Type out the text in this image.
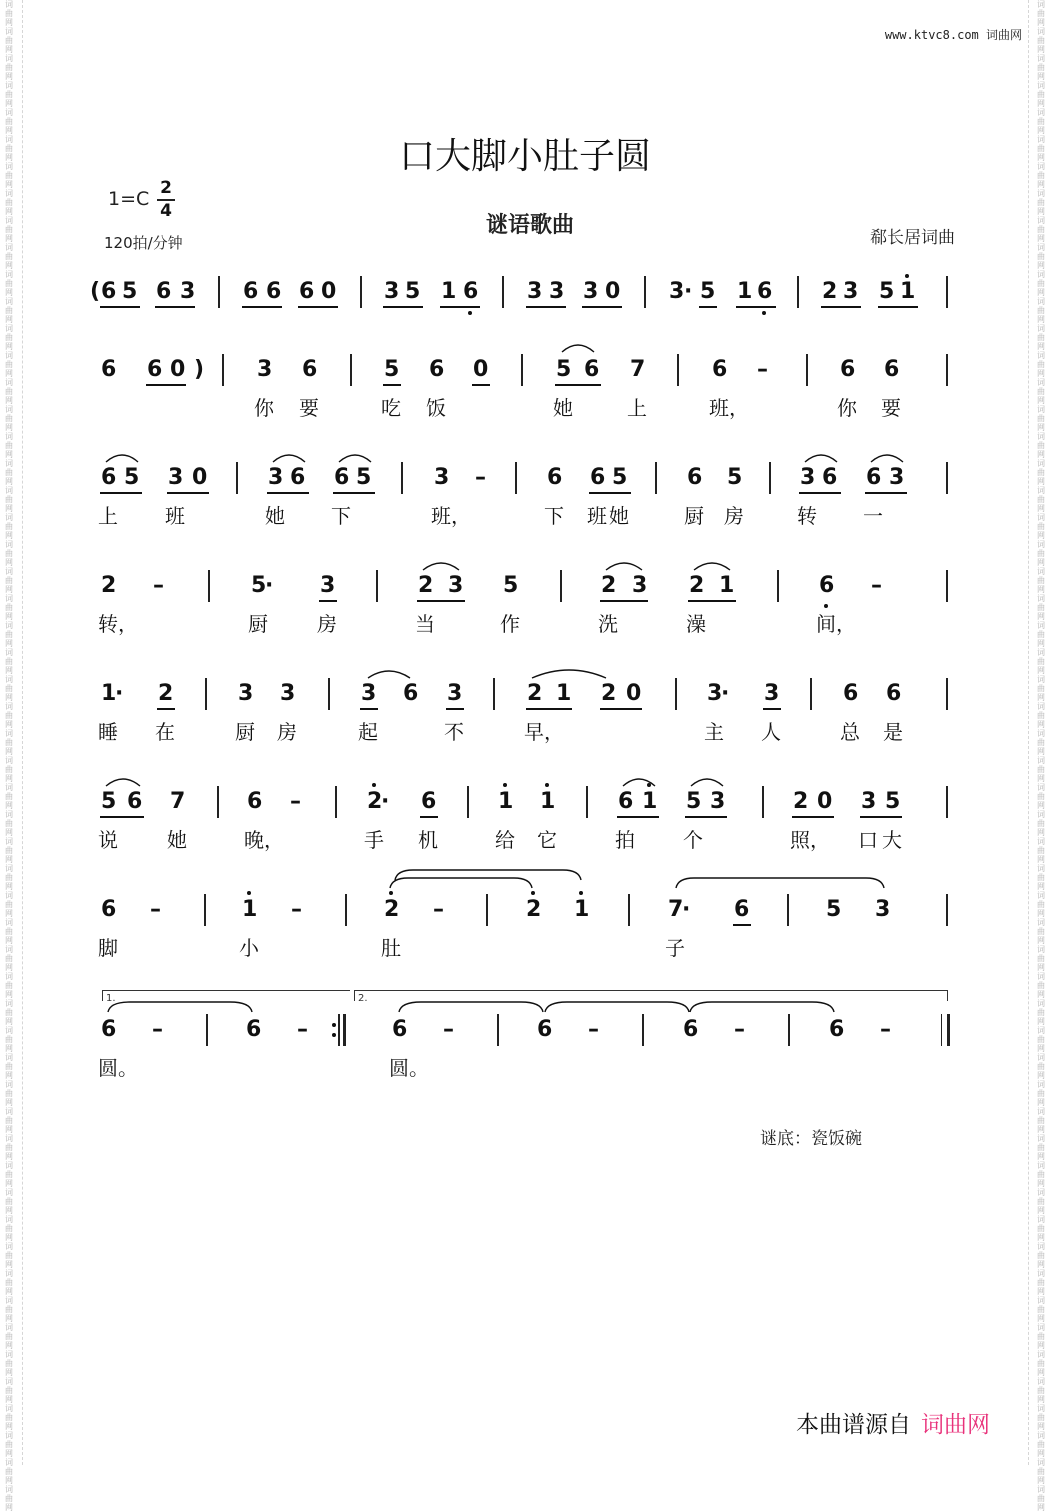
词曲网词曲网词曲网词曲网词曲网词曲网词曲网词曲网词曲网词曲网词曲网词曲网词曲网词曲网词曲网词曲网词曲网词曲网词曲网词曲网词曲网词曲网词曲网词曲网词曲网词曲网词曲网词曲网词曲网词曲网词曲网词曲网词曲网词曲网词曲网词曲网词曲网词曲网词曲网词曲网词曲网词曲网词曲网词曲网词曲网词曲网词曲网词曲网词曲网词曲网词曲网词曲网词曲网词曲网词曲网词曲网
词曲网词曲网词曲网词曲网词曲网词曲网词曲网词曲网词曲网词曲网词曲网词曲网词曲网词曲网词曲网词曲网词曲网词曲网词曲网词曲网词曲网词曲网词曲网词曲网词曲网词曲网词曲网词曲网词曲网词曲网词曲网词曲网词曲网词曲网词曲网词曲网词曲网词曲网词曲网词曲网词曲网词曲网词曲网词曲网词曲网词曲网词曲网词曲网词曲网词曲网词曲网词曲网词曲网词曲网词曲网词曲网
www.ktvc8.com 词曲网
口大脚小肚子圆
谜语歌曲
1=C 2
4
120拍/分钟	郗长居词曲
( 6 5 6 3 6 6 6 0 3 5 1 6 3 3 3 0 3 · 5 1 6 2 3 5 1
6 6 0 ) 3 6	5 6 0	5 6 7	6 –	6 6
你 要	吃 饭	她	上	班，	你 要
6 5 3 0	3 6 6 5	3 –	6 6 5	6 5	3 6 6 3
上 班	她 下	班，	下 班 她	厨 房	转 一
2 –	5
· 3	2 3 5	2 3 2 1	6 –
转，	厨 房	当	作	洗	澡	间，
1
· 2	3 3	3 6 3	2 1 2 0	3
· 3	6 6
睡 在	厨 房	起	不	早，	主 人	总 是
5 6 7	6 –	2
· 6	1 1	6 1 5 3	2 0 3 5
说 她	晚，	手 机	给 它	拍 个	照， 口 大
6 –	1 –	2 –	2 1	7
· 6	5 3
脚	小	肚	子
1.	2.
6 –	6 –	6 –	6 –	6 –	6 –
圆。	圆。
谜底：瓷饭碗
本曲谱源自 词曲网
